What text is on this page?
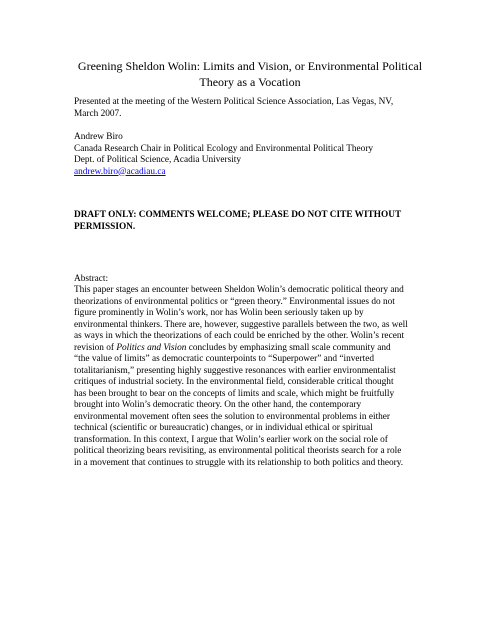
Greening Sheldon Wolin: Limits and Vision, or Environmental Political
Theory as a Vocation
Presented at the meeting of the Western Political Science Association, Las Vegas, NV,
March 2007.
Andrew Biro
Canada Research Chair in Political Ecology and Environmental Political Theory
Dept. of Political Science, Acadia University
andrew.biro@acadiau.ca
DRAFT ONLY: COMMENTS WELCOME; PLEASE DO NOT CITE WITHOUT
PERMISSION.
Abstract:
This paper stages an encounter between Sheldon Wolin’s democratic political theory and
theorizations of environmental politics or “green theory.” Environmental issues do not
figure prominently in Wolin’s work, nor has Wolin been seriously taken up by
environmental thinkers. There are, however, suggestive parallels between the two, as well
as ways in which the theorizations of each could be enriched by the other. Wolin’s recent
revision of Politics and Vision concludes by emphasizing small scale community and
“the value of limits” as democratic counterpoints to “Superpower” and “inverted
totalitarianism,” presenting highly suggestive resonances with earlier environmentalist
critiques of industrial society. In the environmental field, considerable critical thought
has been brought to bear on the concepts of limits and scale, which might be fruitfully
brought into Wolin’s democratic theory. On the other hand, the contemporary
environmental movement often sees the solution to environmental problems in either
technical (scientific or bureaucratic) changes, or in individual ethical or spiritual
transformation. In this context, I argue that Wolin’s earlier work on the social role of
political theorizing bears revisiting, as environmental political theorists search for a role
in a movement that continues to struggle with its relationship to both politics and theory.
